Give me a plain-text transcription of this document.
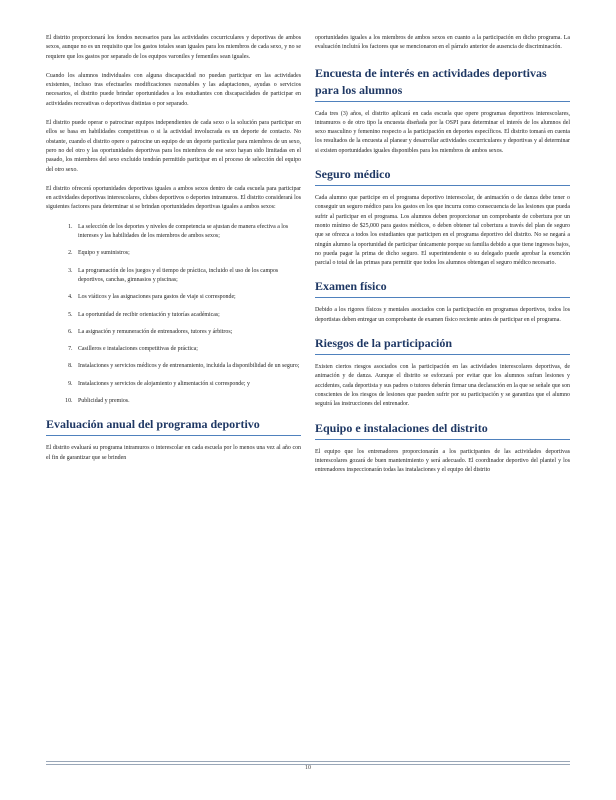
El distrito proporcionará los fondos necesarios para las actividades cocurriculares y deportivas de ambos sexos, aunque no es un requisito que los gastos totales sean iguales para los miembros de cada sexo, y no se requiere que los gastos por separado de los equipos varoniles y femeniles sean iguales.

Cuando los alumnos individuales con alguna discapacidad no puedan participar en las actividades existentes, incluso tras efectuarles modificaciones razonables y las adaptaciones, ayudas o servicios necesarios, el distrito puede brindar oportunidades a los estudiantes con discapacidades de participar en actividades recreativas o deportivas distintas o por separado.

El distrito puede operar o patrocinar equipos independientes de cada sexo o la solución para participar en ellos se basa en habilidades competitivas o si la actividad involucrada es un deporte de contacto. No obstante, cuando el distrito opere o patrocine un equipo de un deporte particular para miembros de un sexo, pero no del otro y las oportunidades deportivas para los miembros de ese sexo hayan sido limitadas en el pasado, los miembros del sexo excluido tendrán permitido participar en el proceso de selección del equipo del otro sexo.

El distrito ofrecerá oportunidades deportivas iguales a ambos sexos dentro de cada escuela para participar en actividades deportivas interescolares, clubes deportivos o deportes intramuros. El distrito considerará los siguientes factores para determinar si se brindan oportunidades deportivas iguales a ambos sexos:

1. La selección de los deportes y niveles de competencia se ajustan de manera efectiva a los intereses y las habilidades de los miembros de ambos sexos;
2. Equipo y suministros;
3. La programación de los juegos y el tiempo de práctica, incluido el uso de los campos deportivos, canchas, gimnasios y piscinas;
4. Los viáticos y las asignaciones para gastos de viaje si corresponde;
5. La oportunidad de recibir orientación y tutorías académicas;
6. La asignación y remuneración de entrenadores, tutores y árbitros;
7. Casilleros e instalaciones competitivas de práctica;
8. Instalaciones y servicios médicos y de entrenamiento, incluida la disponibilidad de un seguro;
9. Instalaciones y servicios de alojamiento y alimentación si corresponde; y
10. Publicidad y premios.
Evaluación anual del programa deportivo

El distrito evaluará su programa intramuros o interescolar en cada escuela por lo menos una vez al año con el fin de garantizar que se brinden

oportunidades iguales a los miembros de ambos sexos en cuanto a la participación en dicho programa. La evaluación incluirá los factores que se mencionaron en el párrafo anterior de ausencia de discriminación.

Encuesta de interés en actividades deportivas para los alumnos

Cada tres (3) años, el distrito aplicará en cada escuela que opere programas deportivos interescolares, intramuros o de otro tipo la encuesta diseñada por la OSPI para determinar el interés de los alumnos del sexo masculino y femenino respecto a la participación en deportes específicos. El distrito tomará en cuenta los resultados de la encuesta al planear y desarrollar actividades cocurriculares y deportivas y al determinar si existen oportunidades iguales disponibles para los miembros de ambos sexos.

Seguro médico

Cada alumno que participe en el programa deportivo interescolar, de animación o de danza debe tener o conseguir un seguro médico para los gastos en los que incurra como consecuencia de las lesiones que pueda sufrir al participar en el programa. Los alumnos deben proporcionar un comprobante de cobertura por un monto mínimo de $25,000 para gastos médicos, o deben obtener tal cobertura a través del plan de seguro que se ofrezca a todos los estudiantes que participen en el programa deportivo del distrito. No se negará a ningún alumno la oportunidad de participar únicamente porque su familia debido a que tiene ingresos bajos, no pueda pagar la prima de dicho seguro. El superintendente o su delegado puede aprobar la exención parcial o total de las primas para permitir que todos los alumnos obtengan el seguro médico necesario.

Examen físico

Debido a los rigores físicos y mentales asociados con la participación en programas deportivos, todos los deportistas deben entregar un comprobante de examen físico reciente antes de participar en el programa.

Riesgos de la participación

Existen ciertos riesgos asociados con la participación en las actividades interescolares deportivas, de animación y de danza. Aunque el distrito se esforzará por evitar que los alumnos sufran lesiones y accidentes, cada deportista y sus padres o tutores deberán firmar una declaración en la que se señale que son conscientes de los riesgos de lesiones que pueden sufrir por su participación y se garantiza que el alumno seguirá las instrucciones del entrenador.

Equipo e instalaciones del distrito

El equipo que los entrenadores proporcionarán a los participantes de las actividades deportivas interescolares gozará de buen mantenimiento y será adecuado. El coordinador deportivo del plantel y los entrenadores inspeccionarán todas las instalaciones y el equipo del distrito

10
